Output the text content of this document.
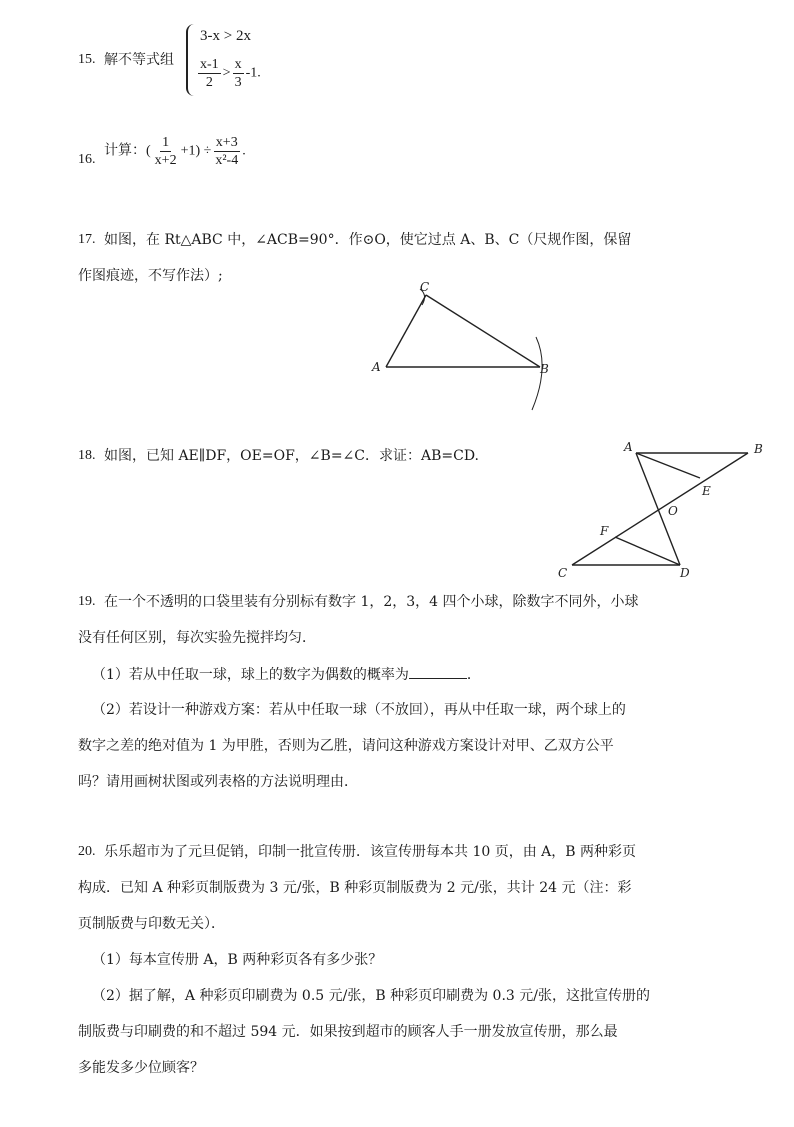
15. 解不等式组
3-x > 2x
$\frac{x-1}{2} > \frac{x}{3} -1$.
16.
计算：( $\frac{1}{x+2} +1) \div \frac{x+3}{\text{x²-4}}$ .
17. 如图，在 Rt△ABC 中，∠ACB=90°．作⊙O，使它过点 A、B、C（尺规作图，保留
作图痕迹，不写作法）;
A	B
C
18. 如图，已知 AE∥DF，OE=OF，∠B=∠C．求证：AB=CD.
A	B
C	D
E
F
O
19. 在一个不透明的口袋里装有分别标有数字 1，2，3，4 四个小球，除数字不同外，小球
没有任何区别，每次实验先搅拌均匀．
（1）若从中任取一球，球上的数字为偶数的概率为	．
（2）若设计一种游戏方案：若从中任取一球（不放回），再从中任取一球，两个球上的
数字之差的绝对值为 1 为甲胜，否则为乙胜，请问这种游戏方案设计对甲、乙双方公平
吗？请用画树状图或列表格的方法说明理由．
20. 乐乐超市为了元旦促销，印制一批宣传册．该宣传册每本共 10 页，由 A，B 两种彩页
构成．已知 A 种彩页制版费为 3 元/张，B 种彩页制版费为 2 元/张，共计 24 元（注：彩
页制版费与印数无关）．
（1）每本宣传册 A，B 两种彩页各有多少张？
（2）据了解，A 种彩页印刷费为 0.5 元/张，B 种彩页印刷费为 0.3 元/张，这批宣传册的
制版费与印刷费的和不超过 594 元．如果按到超市的顾客人手一册发放宣传册，那么最
多能发多少位顾客？
